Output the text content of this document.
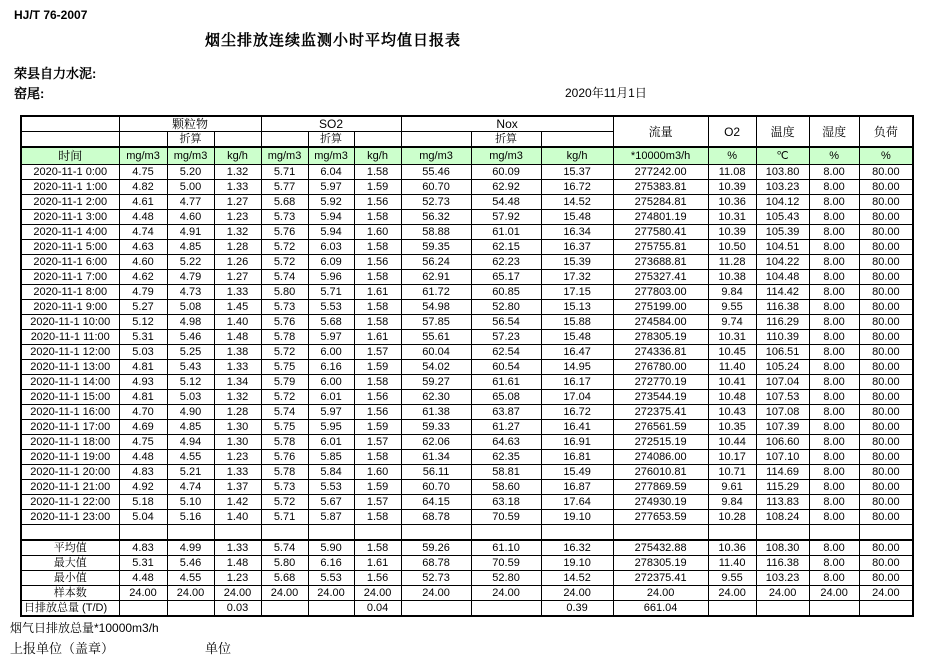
HJ/T 76-2007
烟尘排放连续监测小时平均值日报表
荣县自力水泥:
窑尾:	2020年11月1日
	颗粒物			SO2			Nox			流量	O2	温度	湿度	负荷
		折算			折算			折算						
时间	mg/m3	mg/m3	kg/h	mg/m3	mg/m3	kg/h	mg/m3	mg/m3	kg/h	*10000m3/h	%	℃	%	%
2020-11-1 0:00	4.75	5.20	1.32	5.71	6.04	1.58	55.46	60.09	15.37	277242.00	11.08	103.80	8.00	80.00
2020-11-1 1:00	4.82	5.00	1.33	5.77	5.97	1.59	60.70	62.92	16.72	275383.81	10.39	103.23	8.00	80.00
2020-11-1 2:00	4.61	4.77	1.27	5.68	5.92	1.56	52.73	54.48	14.52	275284.81	10.36	104.12	8.00	80.00
2020-11-1 3:00	4.48	4.60	1.23	5.73	5.94	1.58	56.32	57.92	15.48	274801.19	10.31	105.43	8.00	80.00
2020-11-1 4:00	4.74	4.91	1.32	5.76	5.94	1.60	58.88	61.01	16.34	277580.41	10.39	105.39	8.00	80.00
2020-11-1 5:00	4.63	4.85	1.28	5.72	6.03	1.58	59.35	62.15	16.37	275755.81	10.50	104.51	8.00	80.00
2020-11-1 6:00	4.60	5.22	1.26	5.72	6.09	1.56	56.24	62.23	15.39	273688.81	11.28	104.22	8.00	80.00
2020-11-1 7:00	4.62	4.79	1.27	5.74	5.96	1.58	62.91	65.17	17.32	275327.41	10.38	104.48	8.00	80.00
2020-11-1 8:00	4.79	4.73	1.33	5.80	5.71	1.61	61.72	60.85	17.15	277803.00	9.84	114.42	8.00	80.00
2020-11-1 9:00	5.27	5.08	1.45	5.73	5.53	1.58	54.98	52.80	15.13	275199.00	9.55	116.38	8.00	80.00
2020-11-1 10:00	5.12	4.98	1.40	5.76	5.68	1.58	57.85	56.54	15.88	274584.00	9.74	116.29	8.00	80.00
2020-11-1 11:00	5.31	5.46	1.48	5.78	5.97	1.61	55.61	57.23	15.48	278305.19	10.31	110.39	8.00	80.00
2020-11-1 12:00	5.03	5.25	1.38	5.72	6.00	1.57	60.04	62.54	16.47	274336.81	10.45	106.51	8.00	80.00
2020-11-1 13:00	4.81	5.43	1.33	5.75	6.16	1.59	54.02	60.54	14.95	276780.00	11.40	105.24	8.00	80.00
2020-11-1 14:00	4.93	5.12	1.34	5.79	6.00	1.58	59.27	61.61	16.17	272770.19	10.41	107.04	8.00	80.00
2020-11-1 15:00	4.81	5.03	1.32	5.72	6.01	1.56	62.30	65.08	17.04	273544.19	10.48	107.53	8.00	80.00
2020-11-1 16:00	4.70	4.90	1.28	5.74	5.97	1.56	61.38	63.87	16.72	272375.41	10.43	107.08	8.00	80.00
2020-11-1 17:00	4.69	4.85	1.30	5.75	5.95	1.59	59.33	61.27	16.41	276561.59	10.35	107.39	8.00	80.00
2020-11-1 18:00	4.75	4.94	1.30	5.78	6.01	1.57	62.06	64.63	16.91	272515.19	10.44	106.60	8.00	80.00
2020-11-1 19:00	4.48	4.55	1.23	5.76	5.85	1.58	61.34	62.35	16.81	274086.00	10.17	107.10	8.00	80.00
2020-11-1 20:00	4.83	5.21	1.33	5.78	5.84	1.60	56.11	58.81	15.49	276010.81	10.71	114.69	8.00	80.00
2020-11-1 21:00	4.92	4.74	1.37	5.73	5.53	1.59	60.70	58.60	16.87	277869.59	9.61	115.29	8.00	80.00
2020-11-1 22:00	5.18	5.10	1.42	5.72	5.67	1.57	64.15	63.18	17.64	274930.19	9.84	113.83	8.00	80.00
2020-11-1 23:00	5.04	5.16	1.40	5.71	5.87	1.58	68.78	70.59	19.10	277653.59	10.28	108.24	8.00	80.00

平均值	4.83	4.99	1.33	5.74	5.90	1.58	59.26	61.10	16.32	275432.88	10.36	108.30	8.00	80.00
最大值	5.31	5.46	1.48	5.80	6.16	1.61	68.78	70.59	19.10	278305.19	11.40	116.38	8.00	80.00
最小值	4.48	4.55	1.23	5.68	5.53	1.56	52.73	52.80	14.52	272375.41	9.55	103.23	8.00	80.00
样本数	24.00	24.00	24.00	24.00	24.00	24.00	24.00	24.00	24.00	24.00	24.00	24.00	24.00	24.00
日排放总量 (T/D)			0.03			0.04			0.39	661.04				
烟气日排放总量*10000m3/h
上报单位（盖章）	单位
